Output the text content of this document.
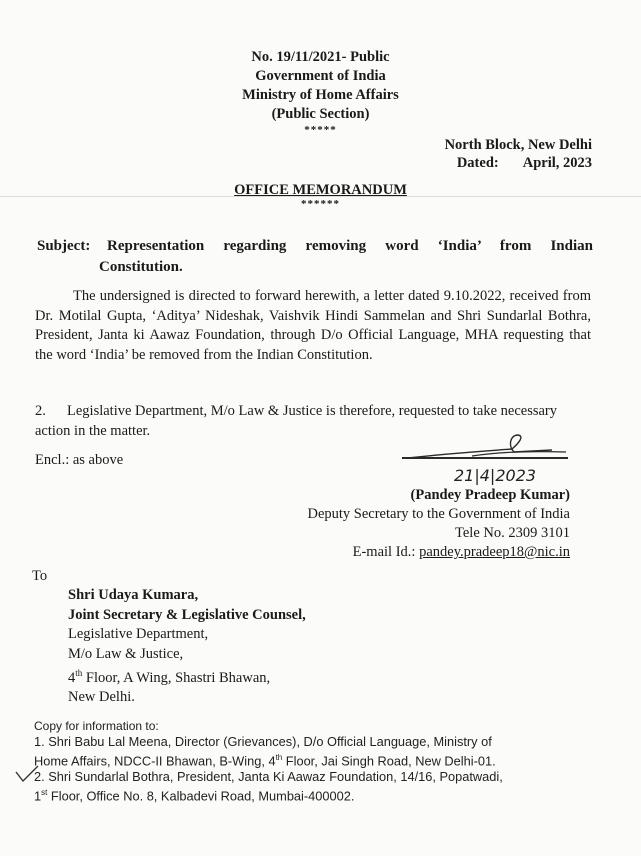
No. 19/11/2021- Public
Government of India
Ministry of Home Affairs
(Public Section)
*****
North Block, New Delhi
Dated: April, 2023
OFFICE MEMORANDUM
******
Subject:	Representation regarding removing word ‘India’ from Indian
Constitution.
The undersigned is directed to forward herewith, a letter dated 9.10.2022, received from Dr. Motilal Gupta, ‘Aditya’ Nideshak, Vaishvik Hindi Sammelan and Shri Sundarlal Bothra, President, Janta ki Aawaz Foundation, through D/o Official Language, MHA requesting that the word ‘India’ be removed from the Indian Constitution.
2. Legislative Department, M/o Law & Justice is therefore, requested to take necessary action in the matter.
Encl.: as above
21|4|2023
(Pandey Pradeep Kumar)
Deputy Secretary to the Government of India
Tele No. 2309 3101
E-mail Id.: pandey.pradeep18@nic.in
To
Shri Udaya Kumara,
Joint Secretary & Legislative Counsel,
Legislative Department,
M/o Law & Justice,
4th Floor, A Wing, Shastri Bhawan,
New Delhi.
Copy for information to:
1. Shri Babu Lal Meena, Director (Grievances), D/o Official Language, Ministry of
Home Affairs, NDCC-II Bhawan, B-Wing, 4th Floor, Jai Singh Road, New Delhi-01.
2. Shri Sundarlal Bothra, President, Janta Ki Aawaz Foundation, 14/16, Popatwadi,
1st Floor, Office No. 8, Kalbadevi Road, Mumbai-400002.
